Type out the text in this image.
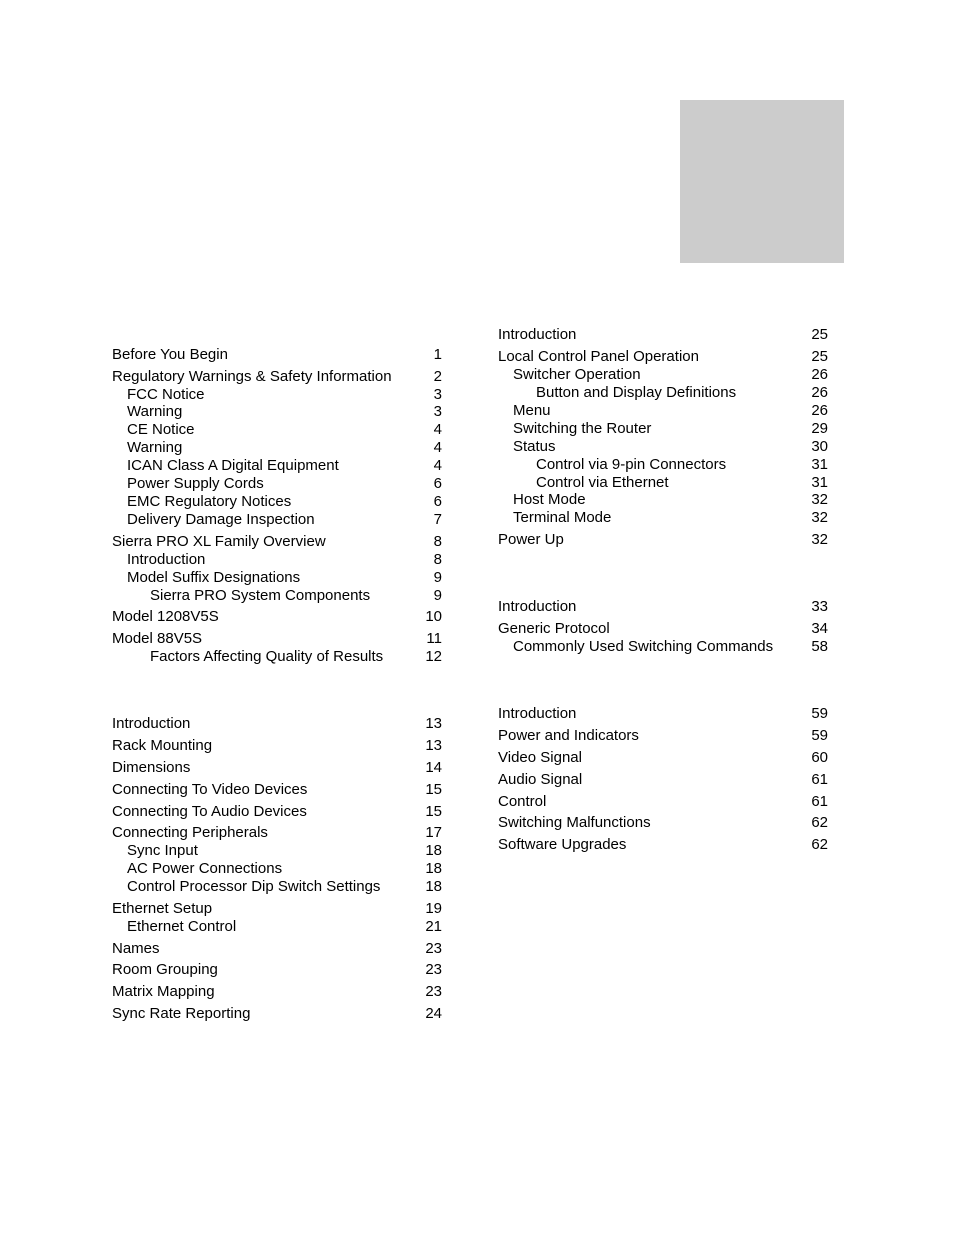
Before You Begin	1
Regulatory Warnings & Safety Information	2
FCC Notice	3
Warning	3
CE Notice	4
Warning	4
ICAN Class A Digital Equipment	4
Power Supply Cords	6
EMC Regulatory Notices	6
Delivery Damage Inspection	7
Sierra PRO XL Family Overview	8
Introduction	8
Model Suffix Designations	9
Sierra PRO System Components	9
Model 1208V5S	10
Model 88V5S	11
Factors Affecting Quality of Results	12
Introduction	13
Rack Mounting	13
Dimensions	14
Connecting To Video Devices	15
Connecting To Audio Devices	15
Connecting Peripherals	17
Sync Input	18
AC Power Connections	18
Control Processor Dip Switch Settings	18
Ethernet Setup	19
Ethernet Control	21
Names	23
Room Grouping	23
Matrix Mapping	23
Sync Rate Reporting	24
Introduction	25
Local Control Panel Operation	25
Switcher Operation	26
Button and Display Definitions	26
Menu	26
Switching the Router	29
Status	30
Control via 9-pin Connectors	31
Control via Ethernet	31
Host Mode	32
Terminal Mode	32
Power Up	32
Introduction	33
Generic Protocol	34
Commonly Used Switching Commands	58
Introduction	59
Power and Indicators	59
Video Signal	60
Audio Signal	61
Control	61
Switching Malfunctions	62
Software Upgrades	62
